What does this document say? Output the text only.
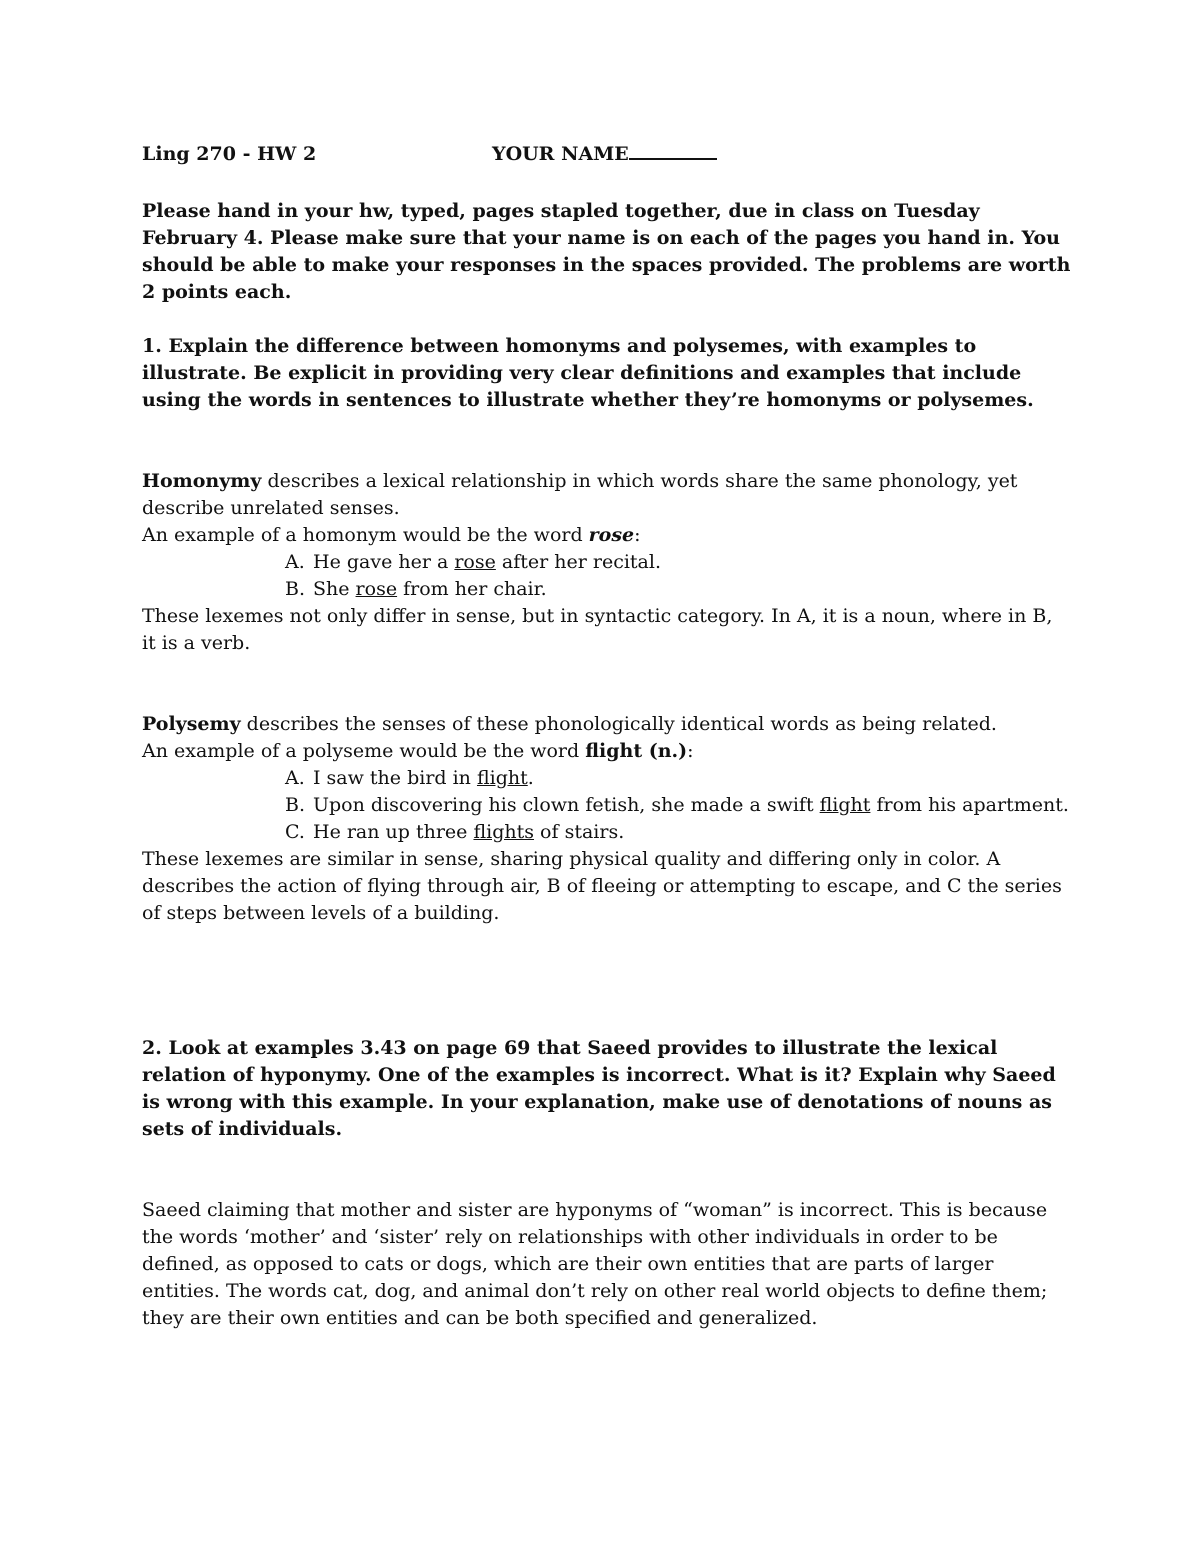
Ling 270 - HW 2	YOUR NAME

Please hand in your hw, typed, pages stapled together, due in class on Tuesday February 4. Please make sure that your name is on each of the pages you hand in. You should be able to make your responses in the spaces provided. The problems are worth 2 points each.

1. Explain the difference between homonyms and polysemes, with examples to illustrate. Be explicit in providing very clear definitions and examples that include using the words in sentences to illustrate whether they’re homonyms or polysemes.

Homonymy describes a lexical relationship in which words share the same phonology, yet describe unrelated senses.

An example of a homonym would be the word rose:

A. He gave her a rose after her recital.

B. She rose from her chair.

These lexemes not only differ in sense, but in syntactic category. In A, it is a noun, where in B, it is a verb.

Polysemy describes the senses of these phonologically identical words as being related.

An example of a polyseme would be the word flight (n.):

A. I saw the bird in flight.

B. Upon discovering his clown fetish, she made a swift flight from his apartment.

C. He ran up three flights of stairs.

These lexemes are similar in sense, sharing physical quality and differing only in color. A describes the action of flying through air, B of fleeing or attempting to escape, and C the series of steps between levels of a building.

2. Look at examples 3.43 on page 69 that Saeed provides to illustrate the lexical relation of hyponymy. One of the examples is incorrect. What is it? Explain why Saeed is wrong with this example. In your explanation, make use of denotations of nouns as sets of individuals.

Saeed claiming that mother and sister are hyponyms of “woman” is incorrect. This is because the words ‘mother’ and ‘sister’ rely on relationships with other individuals in order to be defined, as opposed to cats or dogs, which are their own entities that are parts of larger entities. The words cat, dog, and animal don’t rely on other real world objects to define them; they are their own entities and can be both specified and generalized.
